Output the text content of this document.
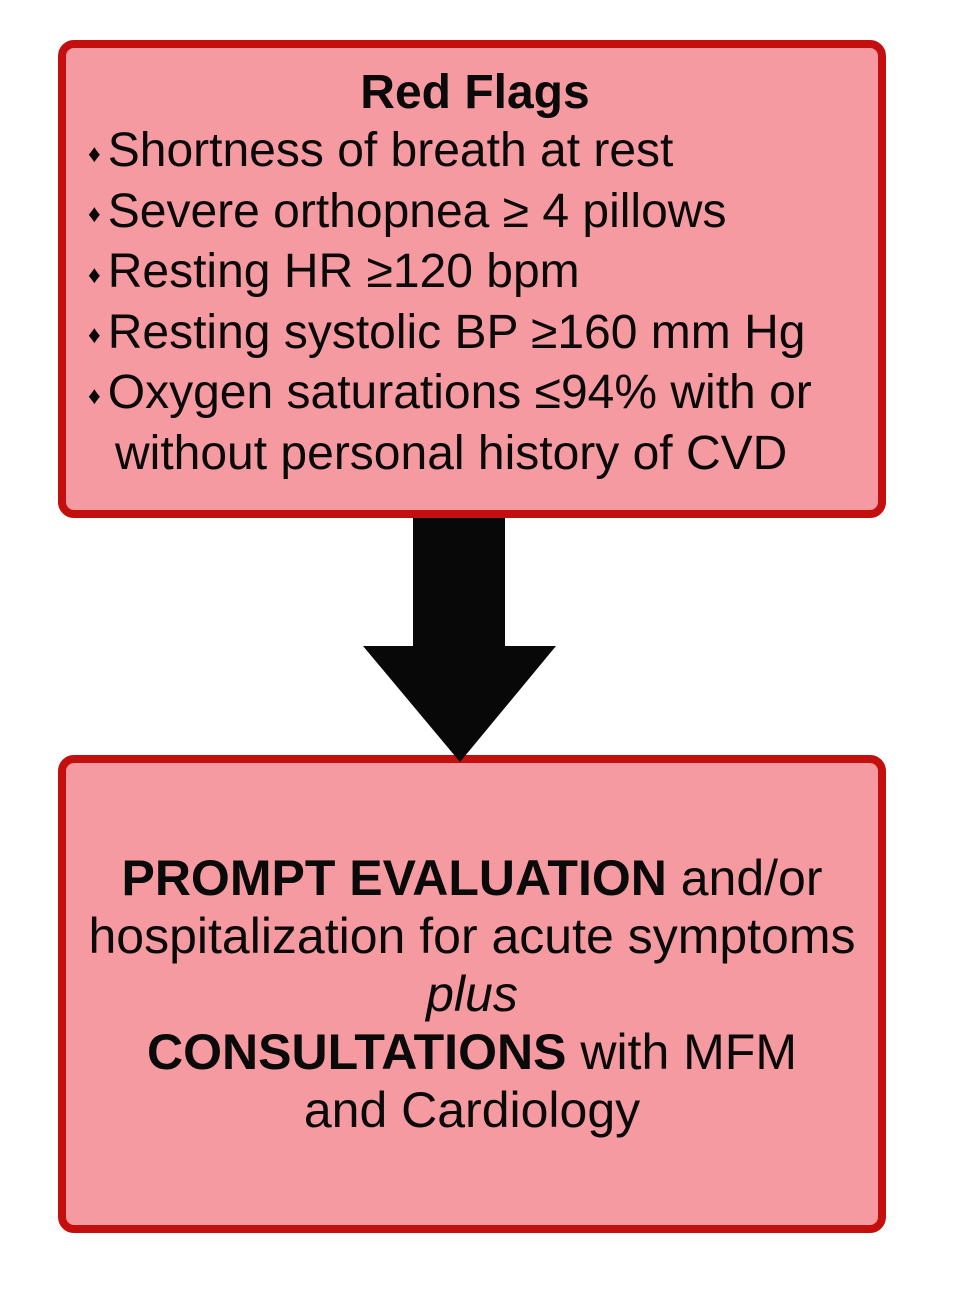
Red Flags
♦ Shortness of breath at rest
♦ Severe orthopnea ≥ 4 pillows
♦ Resting HR ≥120 bpm
♦ Resting systolic BP ≥160 mm Hg
♦ Oxygen saturations ≤94% with or
without personal history of CVD
PROMPT EVALUATION and/or
hospitalization for acute symptoms
plus
CONSULTATIONS with MFM
and Cardiology
